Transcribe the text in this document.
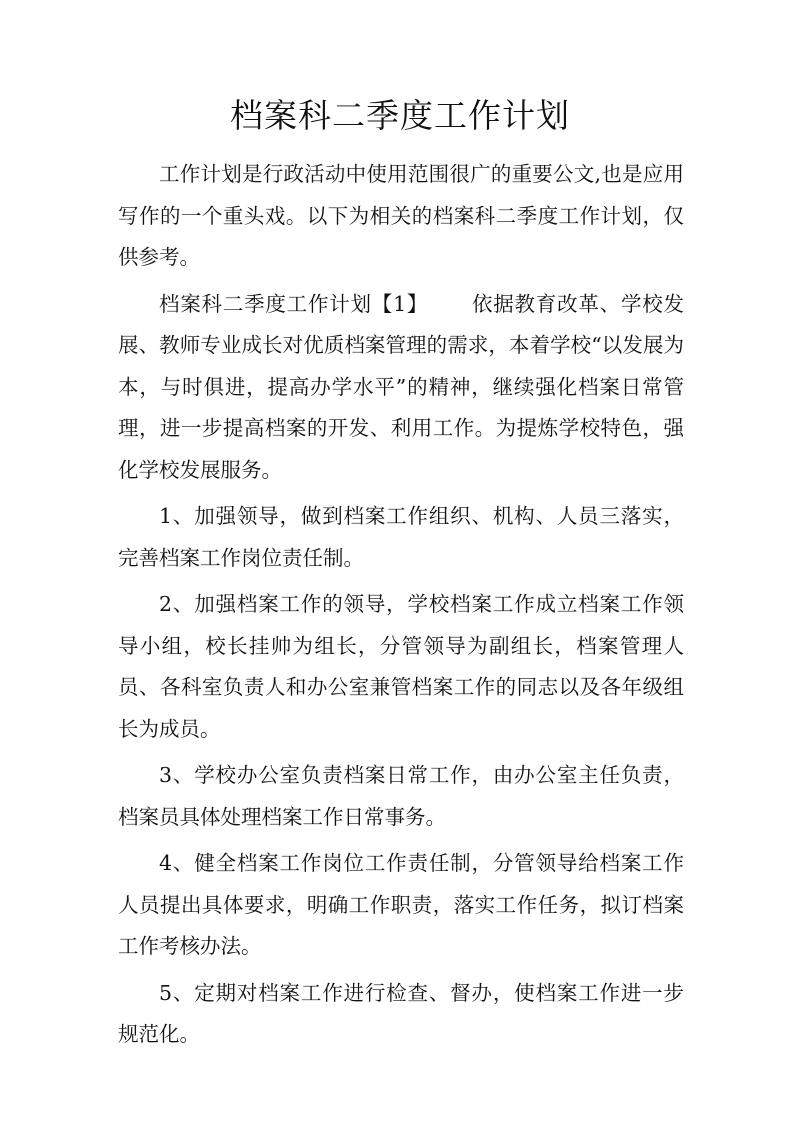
档案科二季度工作计划

工作计划是行政活动中使用范围很广的重要公文,也是应用写作的一个重头戏。以下为相关的档案科二季度工作计划，仅供参考。

档案科二季度工作计划【1】      依据教育改革、学校发展、教师专业成长对优质档案管理的需求，本着学校“以发展为本，与时俱进，提高办学水平”的精神，继续强化档案日常管理，进一步提高档案的开发、利用工作。为提炼学校特色，强化学校发展服务。

1、加强领导，做到档案工作组织、机构、人员三落实，完善档案工作岗位责任制。

2、加强档案工作的领导，学校档案工作成立档案工作领导小组，校长挂帅为组长，分管领导为副组长，档案管理人员、各科室负责人和办公室兼管档案工作的同志以及各年级组长为成员。

3、学校办公室负责档案日常工作，由办公室主任负责，档案员具体处理档案工作日常事务。

4、健全档案工作岗位工作责任制，分管领导给档案工作人员提出具体要求，明确工作职责，落实工作任务，拟订档案工作考核办法。

5、定期对档案工作进行检查、督办，使档案工作进一步规范化。
